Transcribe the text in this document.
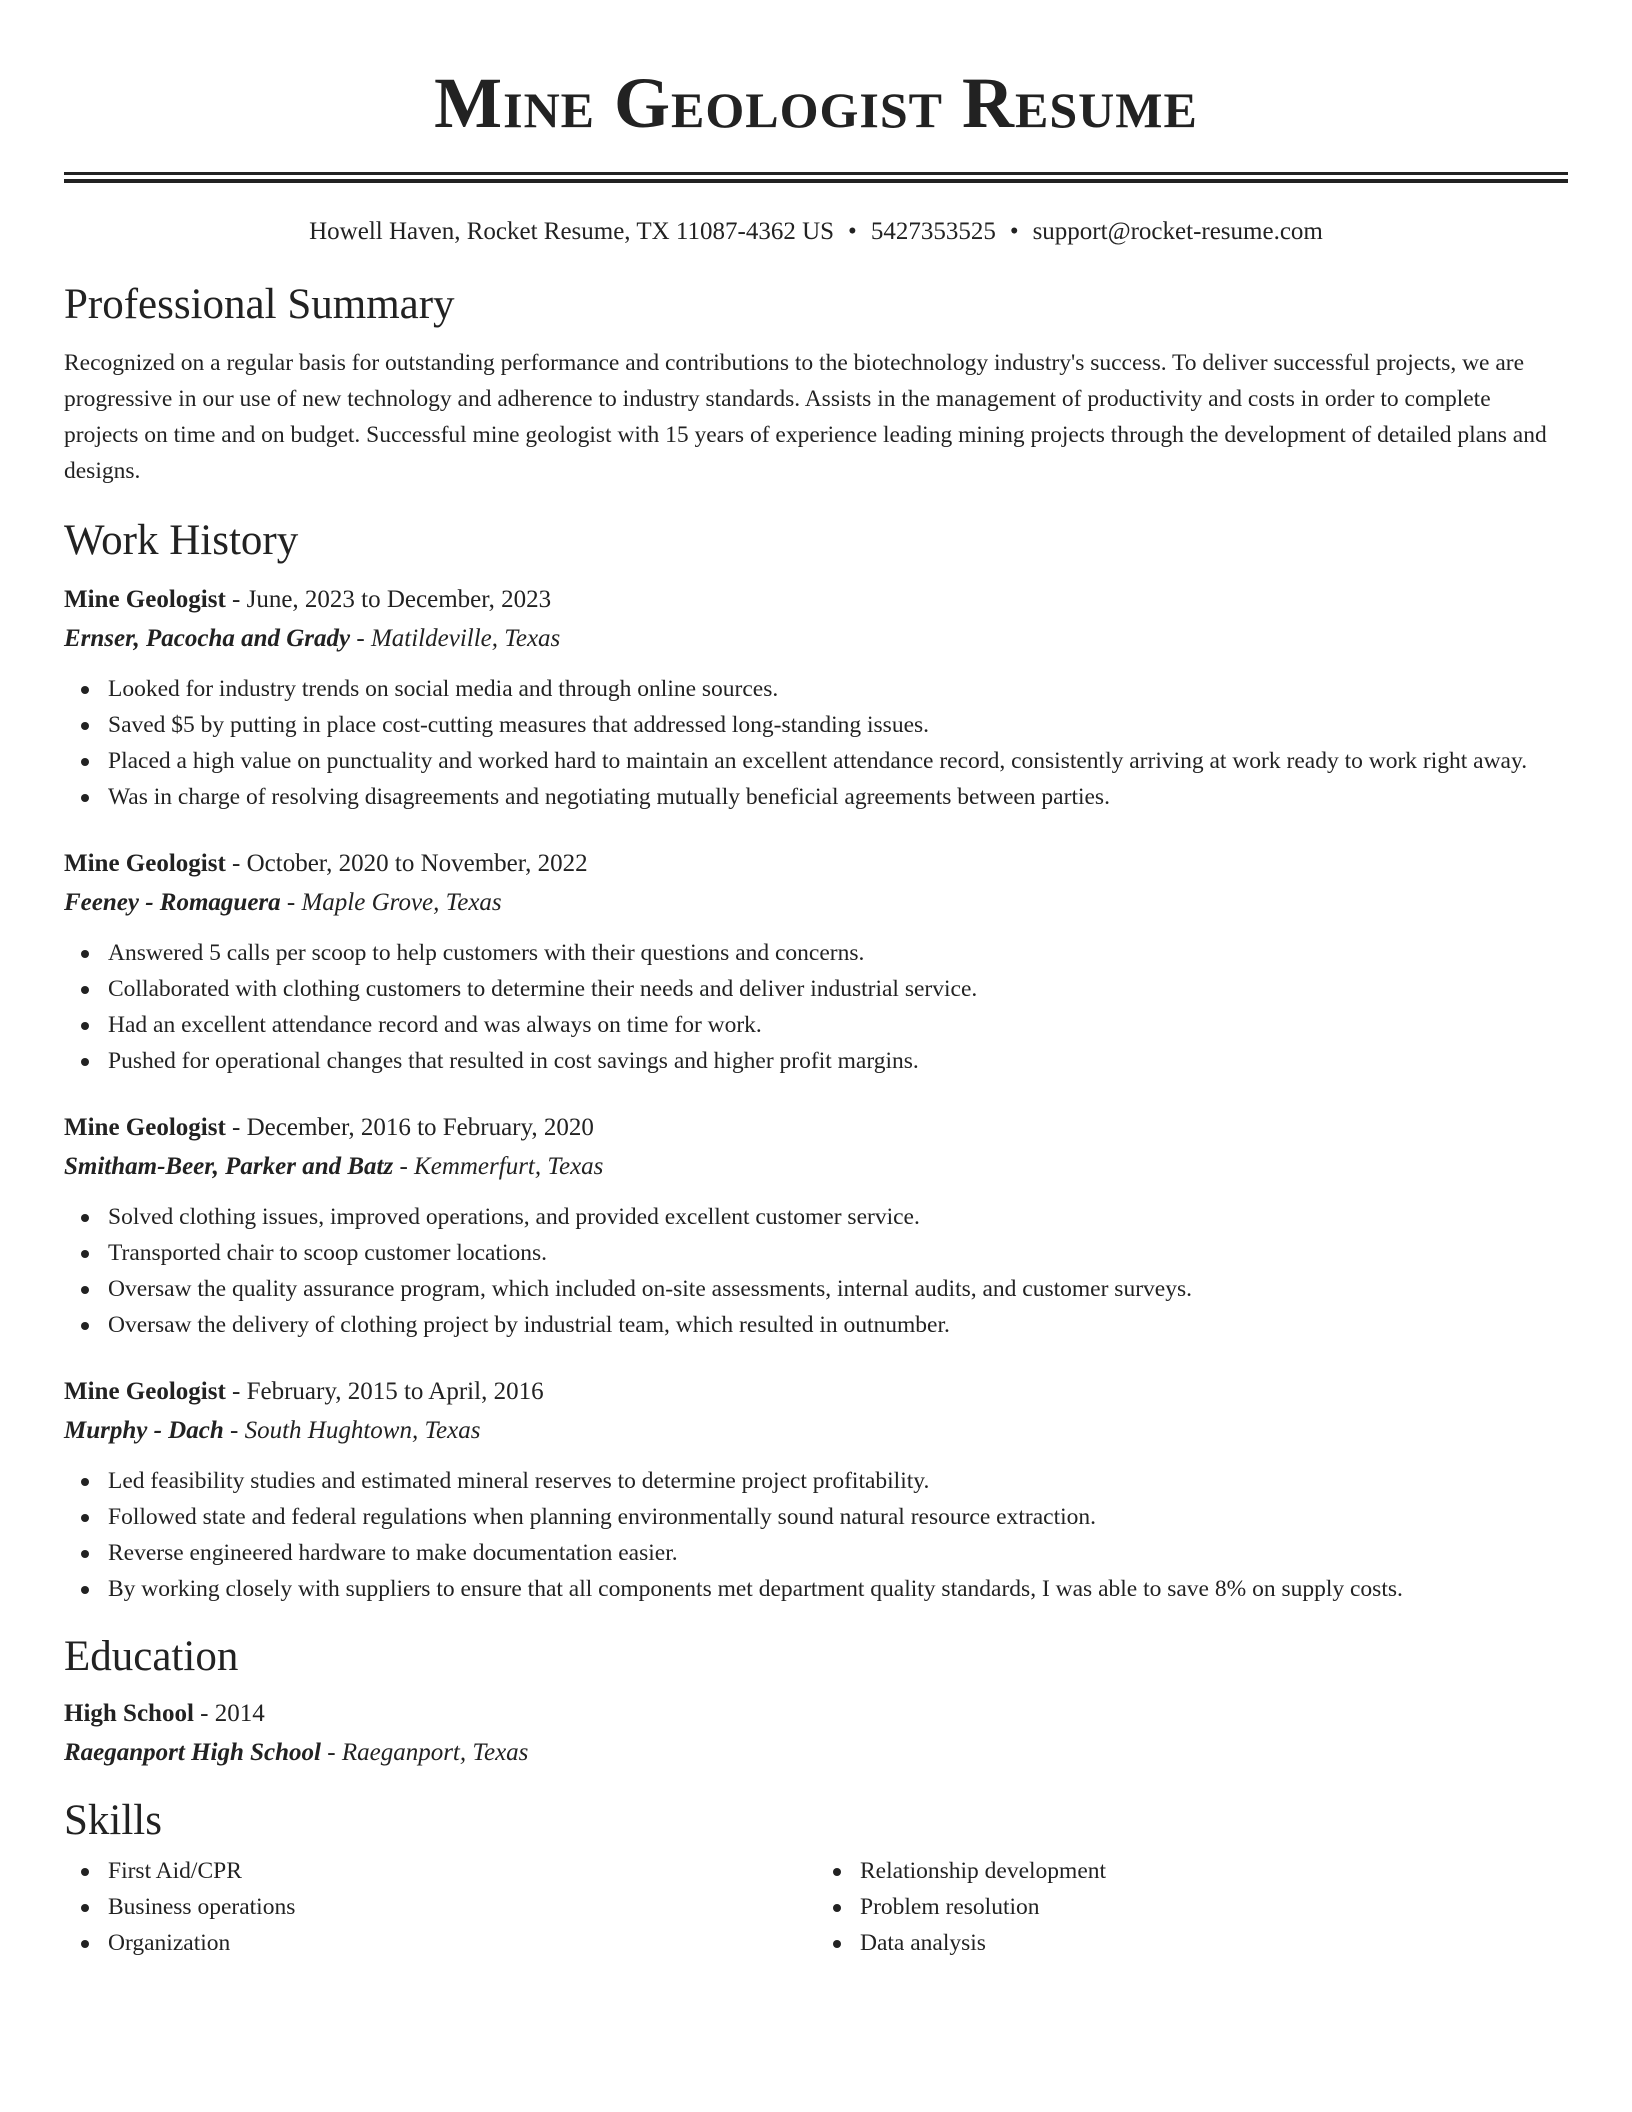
Mine Geologist Resume
Howell Haven, Rocket Resume, TX 11087-4362 US • 5427353525 • support@rocket-resume.com
Professional Summary
Recognized on a regular basis for outstanding performance and contributions to the biotechnology industry's success. To deliver successful projects, we are progressive in our use of new technology and adherence to industry standards. Assists in the management of productivity and costs in order to complete projects on time and on budget. Successful mine geologist with 15 years of experience leading mining projects through the development of detailed plans and designs.
Work History
Mine Geologist - June, 2023 to December, 2023
Ernser, Pacocha and Grady - Matildeville, Texas
Looked for industry trends on social media and through online sources.
Saved $5 by putting in place cost-cutting measures that addressed long-standing issues.
Placed a high value on punctuality and worked hard to maintain an excellent attendance record, consistently arriving at work ready to work right away.
Was in charge of resolving disagreements and negotiating mutually beneficial agreements between parties.
Mine Geologist - October, 2020 to November, 2022
Feeney - Romaguera - Maple Grove, Texas
Answered 5 calls per scoop to help customers with their questions and concerns.
Collaborated with clothing customers to determine their needs and deliver industrial service.
Had an excellent attendance record and was always on time for work.
Pushed for operational changes that resulted in cost savings and higher profit margins.
Mine Geologist - December, 2016 to February, 2020
Smitham-Beer, Parker and Batz - Kemmerfurt, Texas
Solved clothing issues, improved operations, and provided excellent customer service.
Transported chair to scoop customer locations.
Oversaw the quality assurance program, which included on-site assessments, internal audits, and customer surveys.
Oversaw the delivery of clothing project by industrial team, which resulted in outnumber.
Mine Geologist - February, 2015 to April, 2016
Murphy - Dach - South Hughtown, Texas
Led feasibility studies and estimated mineral reserves to determine project profitability.
Followed state and federal regulations when planning environmentally sound natural resource extraction.
Reverse engineered hardware to make documentation easier.
By working closely with suppliers to ensure that all components met department quality standards, I was able to save 8% on supply costs.
Education
High School - 2014
Raeganport High School - Raeganport, Texas
Skills
First Aid/CPR
Business operations
Organization
Relationship development
Problem resolution
Data analysis
